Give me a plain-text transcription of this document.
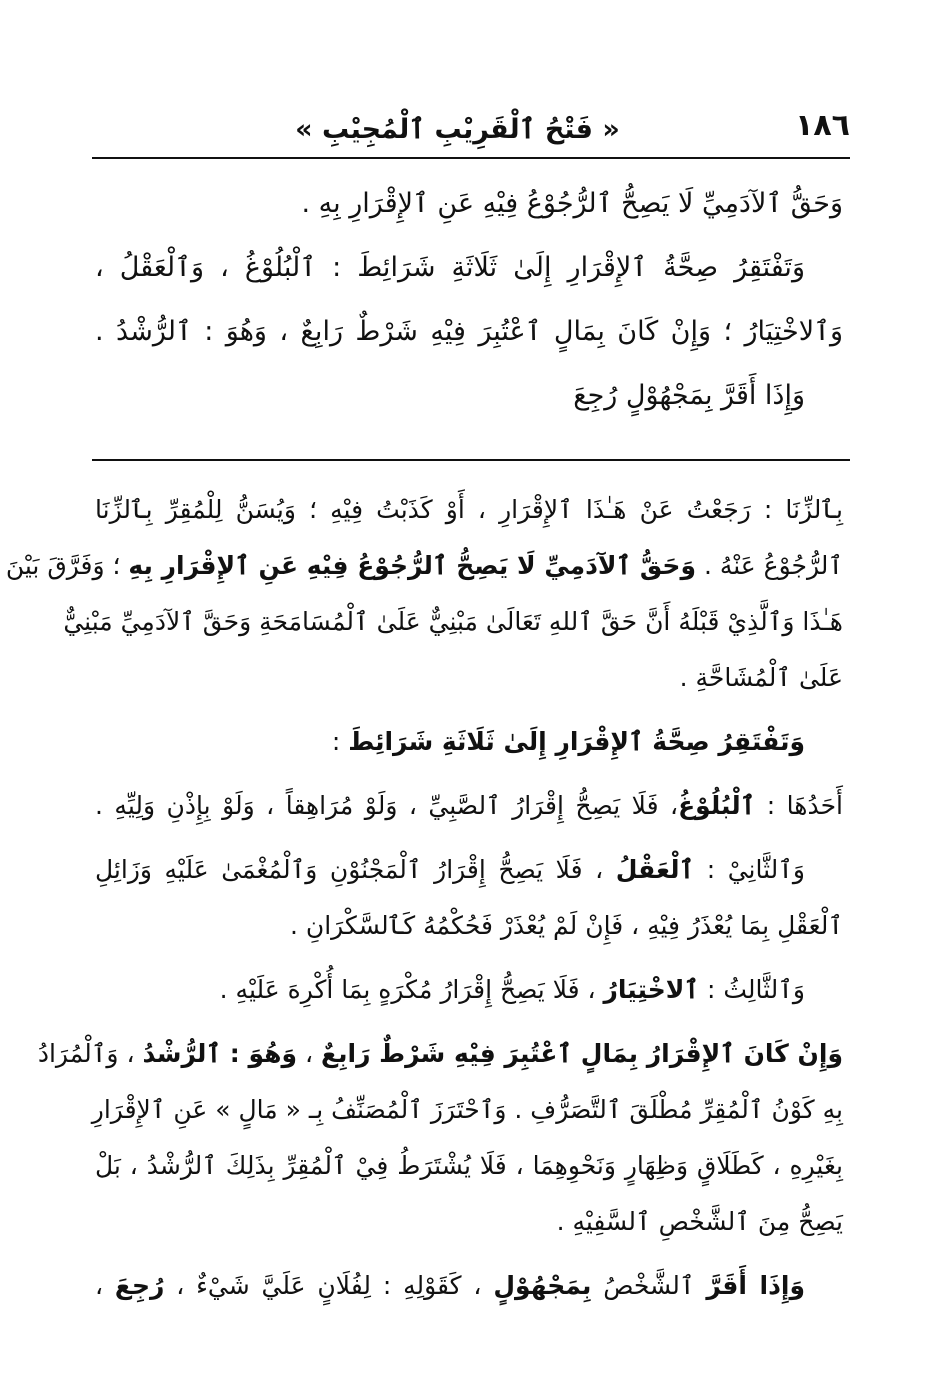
١٨٦
« فَتْحُ ٱلْقَرِيْبِ ٱلْمُجِيْبِ »
وَحَقُّ ٱلآدَمِيِّ لَا يَصِحُّ ٱلرُّجُوْعُ فِيْهِ عَنِ ٱلإِقْرَارِ بِهِ .
وَتَفْتَقِرُ صِحَّةُ ٱلإِقْرَارِ إِلَىٰ ثَلَاثَةِ شَرَائِطَ : ٱلْبُلُوْغُ ، وَٱلْعَقْلُ ،
وَٱلاخْتِيَارُ ؛ وَإِنْ كَانَ بِمَالٍ ٱعْتُبِرَ فِيْهِ شَرْطٌ رَابِعٌ ، وَهُوَ : ٱلرُّشْدُ .
وَإِذَا أَقَرَّ بِمَجْهُوْلٍ رُجِعَ
بِٱلزِّنَا : رَجَعْتُ عَنْ هَـٰذَا ٱلإِقْرَارِ ، أَوْ كَذَبْتُ فِيْهِ ؛ وَيُسَنُّ لِلْمُقِرِّ بِٱلزِّنَا
ٱلرُّجُوْعُ عَنْهُ . وَحَقُّ ٱلآدَمِيِّ لَا يَصِحُّ ٱلرُّجُوْعُ فِيْهِ عَنِ ٱلإِقْرَارِ بِهِ ؛ وَفَرَّقَ بَيْنَ
هَـٰذَا وَٱلَّذِيْ قَبْلَهُ أَنَّ حَقَّ ٱللهِ تَعَالَىٰ مَبْنِيٌّ عَلَىٰ ٱلْمُسَامَحَةِ وَحَقَّ ٱلآدَمِيِّ مَبْنِيٌّ
عَلَىٰ ٱلْمُشَاحَّةِ .
وَتَفْتَقِرُ صِحَّةُ ٱلإِقْرَارِ إِلَىٰ ثَلَاثَةِ شَرَائِطَ :
أَحَدُهَا : ٱلْبُلُوْغُ، فَلَا يَصِحُّ إِقْرَارُ ٱلصَّبِيِّ ، وَلَوْ مُرَاهِقاً ، وَلَوْ بِإِذْنِ وَلِيِّهِ .
وَٱلثَّانِيْ : ٱلْعَقْلُ ، فَلَا يَصِحُّ إِقْرَارُ ٱلْمَجْنُوْنِ وَٱلْمُغْمَىٰ عَلَيْهِ وَزَائِلِ
ٱلْعَقْلِ بِمَا يُعْذَرُ فِيْهِ ، فَإِنْ لَمْ يُعْذَرْ فَحُكْمُهُ كَٱلسَّكْرَانِ .
وَٱلثَّالِثُ : ٱلاخْتِيَارُ ، فَلَا يَصِحُّ إِقْرَارُ مُكْرَهٍ بِمَا أُكْرِهَ عَلَيْهِ .
وَإِنْ كَانَ ٱلإِقْرَارُ بِمَالٍ ٱعْتُبِرَ فِيْهِ شَرْطٌ رَابِعٌ ، وَهُوَ : ٱلرُّشْدُ ، وَٱلْمُرَادُ
بِهِ كَوْنُ ٱلْمُقِرِّ مُطْلَقَ ٱلتَّصَرُّفِ . وَٱحْتَرَزَ ٱلْمُصَنِّفُ بِـ « مَالٍ » عَنِ ٱلإِقْرَارِ
بِغَيْرِهِ ، كَطَلَاقٍ وَظِهَارٍ وَنَحْوِهِمَا ، فَلَا يُشْتَرَطُ فِيْ ٱلْمُقِرِّ بِذَلِكَ ٱلرُّشْدُ ، بَلْ
يَصِحُّ مِنَ ٱلشَّخْصِ ٱلسَّفِيْهِ .
وَإِذَا أَقَرَّ ٱلشَّخْصُ بِمَجْهُوْلٍ ، كَقَوْلِهِ : لِفُلَانٍ عَلَيَّ شَيْءٌ ، رُجِعَ ،
